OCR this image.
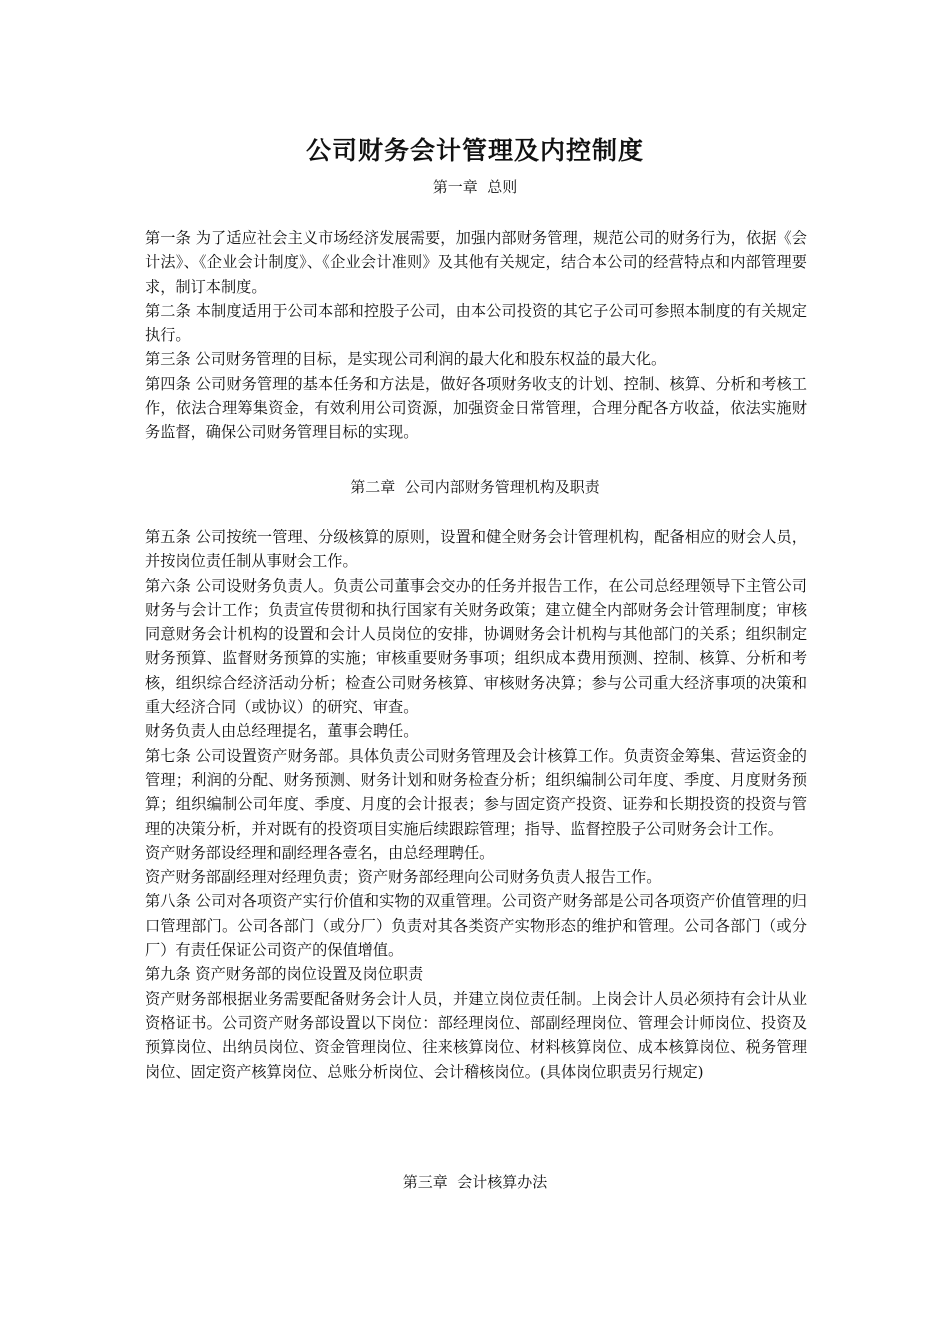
公司财务会计管理及内控制度
第一章  总则

第一条 为了适应社会主义市场经济发展需要，加强内部财务管理，规范公司的财务行为，依据《会计法》、《企业会计制度》、《企业会计准则》及其他有关规定，结合本公司的经营特点和内部管理要求，制订本制度。

第二条 本制度适用于公司本部和控股子公司，由本公司投资的其它子公司可参照本制度的有关规定执行。

第三条 公司财务管理的目标，是实现公司利润的最大化和股东权益的最大化。

第四条 公司财务管理的基本任务和方法是，做好各项财务收支的计划、控制、核算、分析和考核工作，依法合理筹集资金，有效利用公司资源，加强资金日常管理，合理分配各方收益，依法实施财务监督，确保公司财务管理目标的实现。

第二章  公司内部财务管理机构及职责

第五条 公司按统一管理、分级核算的原则，设置和健全财务会计管理机构，配备相应的财会人员，并按岗位责任制从事财会工作。

第六条 公司设财务负责人。负责公司董事会交办的任务并报告工作，在公司总经理领导下主管公司财务与会计工作；负责宣传贯彻和执行国家有关财务政策；建立健全内部财务会计管理制度；审核同意财务会计机构的设置和会计人员岗位的安排，协调财务会计机构与其他部门的关系；组织制定财务预算、监督财务预算的实施；审核重要财务事项；组织成本费用预测、控制、核算、分析和考核，组织综合经济活动分析；检查公司财务核算、审核财务决算；参与公司重大经济事项的决策和重大经济合同（或协议）的研究、审查。

财务负责人由总经理提名，董事会聘任。

第七条 公司设置资产财务部。具体负责公司财务管理及会计核算工作。负责资金筹集、营运资金的管理；利润的分配、财务预测、财务计划和财务检查分析；组织编制公司年度、季度、月度财务预算；组织编制公司年度、季度、月度的会计报表；参与固定资产投资、证券和长期投资的投资与管理的决策分析，并对既有的投资项目实施后续跟踪管理；指导、监督控股子公司财务会计工作。

资产财务部设经理和副经理各壹名，由总经理聘任。

资产财务部副经理对经理负责；资产财务部经理向公司财务负责人报告工作。

第八条 公司对各项资产实行价值和实物的双重管理。公司资产财务部是公司各项资产价值管理的归口管理部门。公司各部门（或分厂）负责对其各类资产实物形态的维护和管理。公司各部门（或分厂）有责任保证公司资产的保值增值。

第九条 资产财务部的岗位设置及岗位职责

资产财务部根据业务需要配备财务会计人员，并建立岗位责任制。上岗会计人员必须持有会计从业资格证书。公司资产财务部设置以下岗位：部经理岗位、部副经理岗位、管理会计师岗位、投资及预算岗位、出纳员岗位、资金管理岗位、往来核算岗位、材料核算岗位、成本核算岗位、税务管理岗位、固定资产核算岗位、总账分析岗位、会计稽核岗位。(具体岗位职责另行规定)

第三章  会计核算办法
